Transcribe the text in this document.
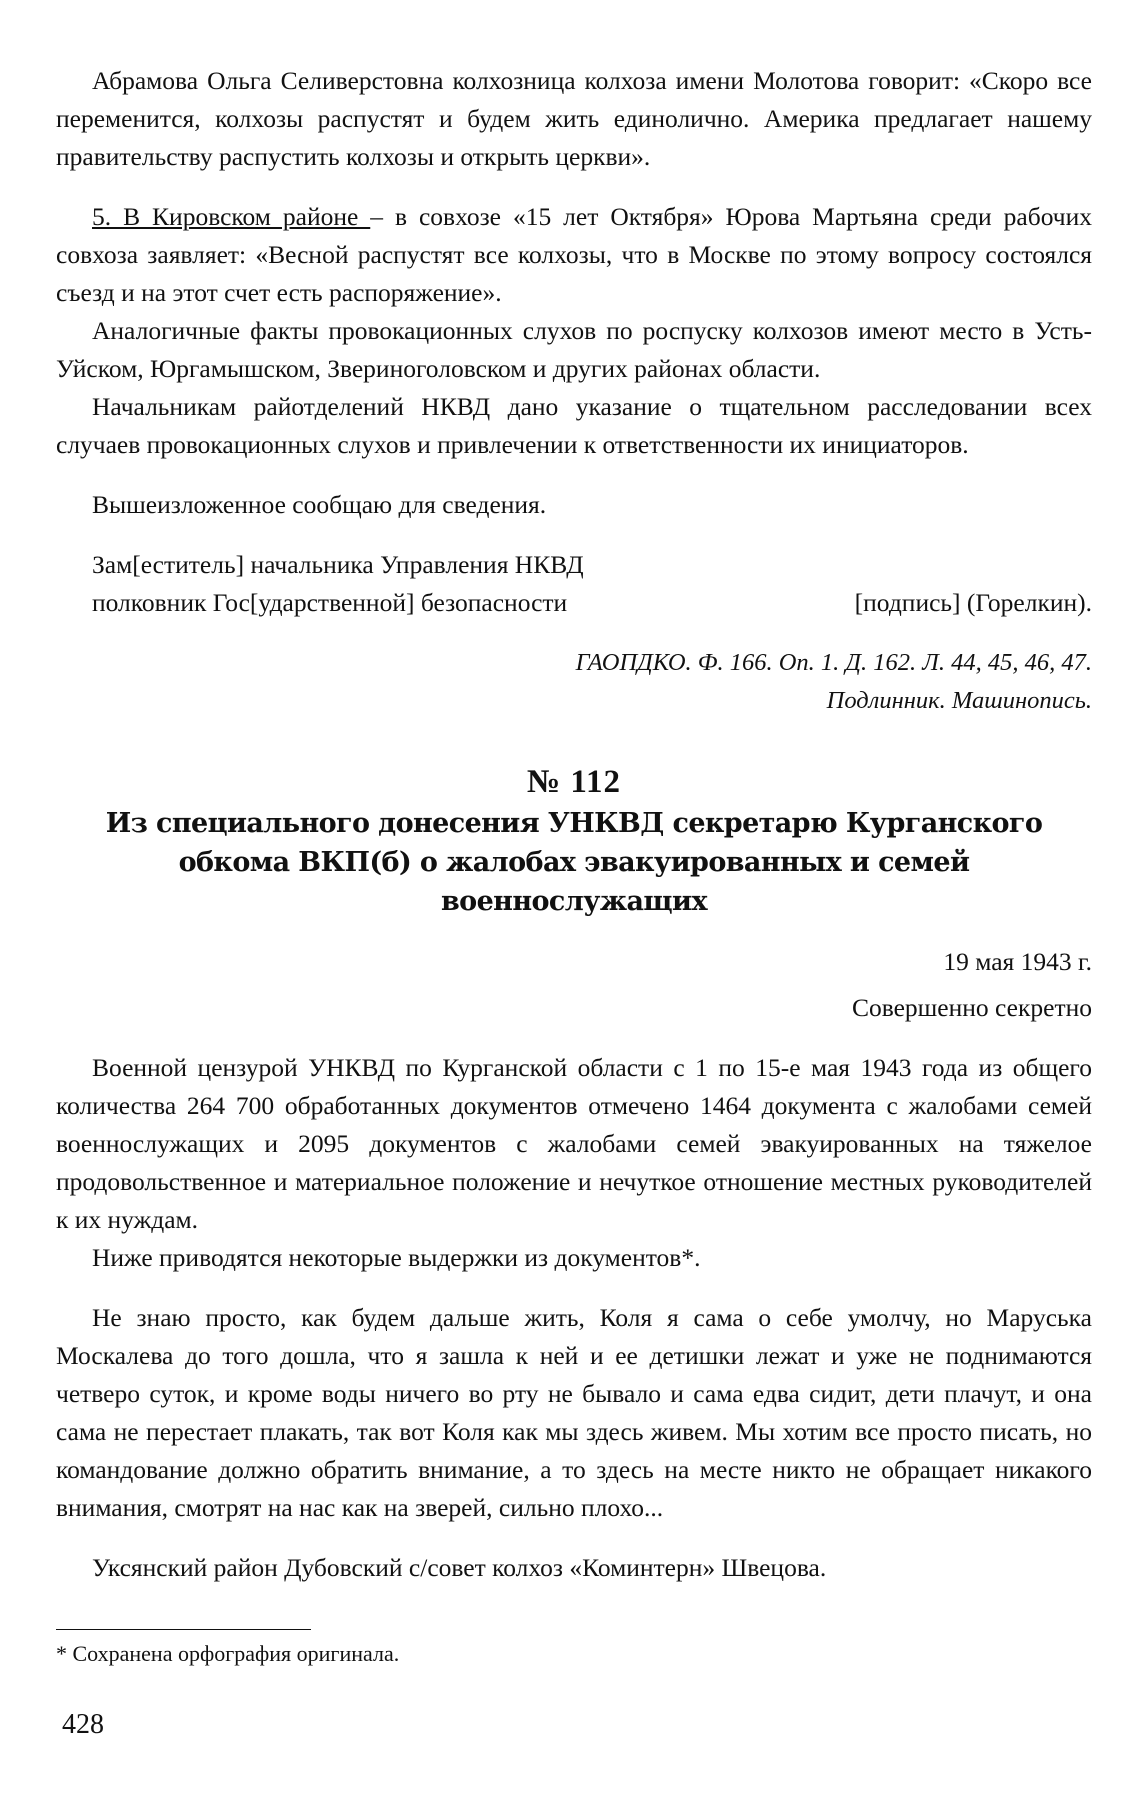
Абрамова Ольга Селиверстовна колхозница колхоза имени Молотова говорит: «Скоро все переменится, колхозы распустят и будем жить единолично. Америка предлагает нашему правительству распустить колхозы и открыть церкви».

5. В Кировском районе – в совхозе «15 лет Октября» Юрова Мартьяна среди рабочих совхоза заявляет: «Весной распустят все колхозы, что в Москве по этому вопросу состоялся съезд и на этот счет есть распоряжение».

Аналогичные факты провокационных слухов по роспуску колхозов имеют место в Усть-Уйском, Юргамышском, Звериноголовском и других районах области.

Начальникам райотделений НКВД дано указание о тщательном расследовании всех случаев провокационных слухов и привлечении к ответственности их инициаторов.

Вышеизложенное сообщаю для сведения.

Зам[еститель] начальника Управления НКВД
полковник Гос[ударственной] безопасности	[подпись] (Горелкин).

ГАОПДКО. Ф. 166. Оп. 1. Д. 162. Л. 44, 45, 46, 47.

Подлинник. Машинопись.

№ 112

Из специального донесения УНКВД секретарю Курганского обкома ВКП(б) о жалобах эвакуированных и семей военнослужащих

19 мая 1943 г.

Совершенно секретно

Военной цензурой УНКВД по Курганской области с 1 по 15-е мая 1943 года из общего количества 264 700 обработанных документов отмечено 1464 документа с жалобами семей военнослужащих и 2095 документов с жалобами семей эвакуированных на тяжелое продовольственное и материальное положение и нечуткое отношение местных руководителей к их нуждам.

Ниже приводятся некоторые выдержки из документов*.

Не знаю просто, как будем дальше жить, Коля я сама о себе умолчу, но Маруська Москалева до того дошла, что я зашла к ней и ее детишки лежат и уже не поднимаются четверо суток, и кроме воды ничего во рту не бывало и сама едва сидит, дети плачут, и она сама не перестает плакать, так вот Коля как мы здесь живем. Мы хотим все просто писать, но командование должно обратить внимание, а то здесь на месте никто не обращает никакого внимания, смотрят на нас как на зверей, сильно плохо...

Уксянский район Дубовский с/совет колхоз «Коминтерн» Швецова.

* Сохранена орфография оригинала.

428
